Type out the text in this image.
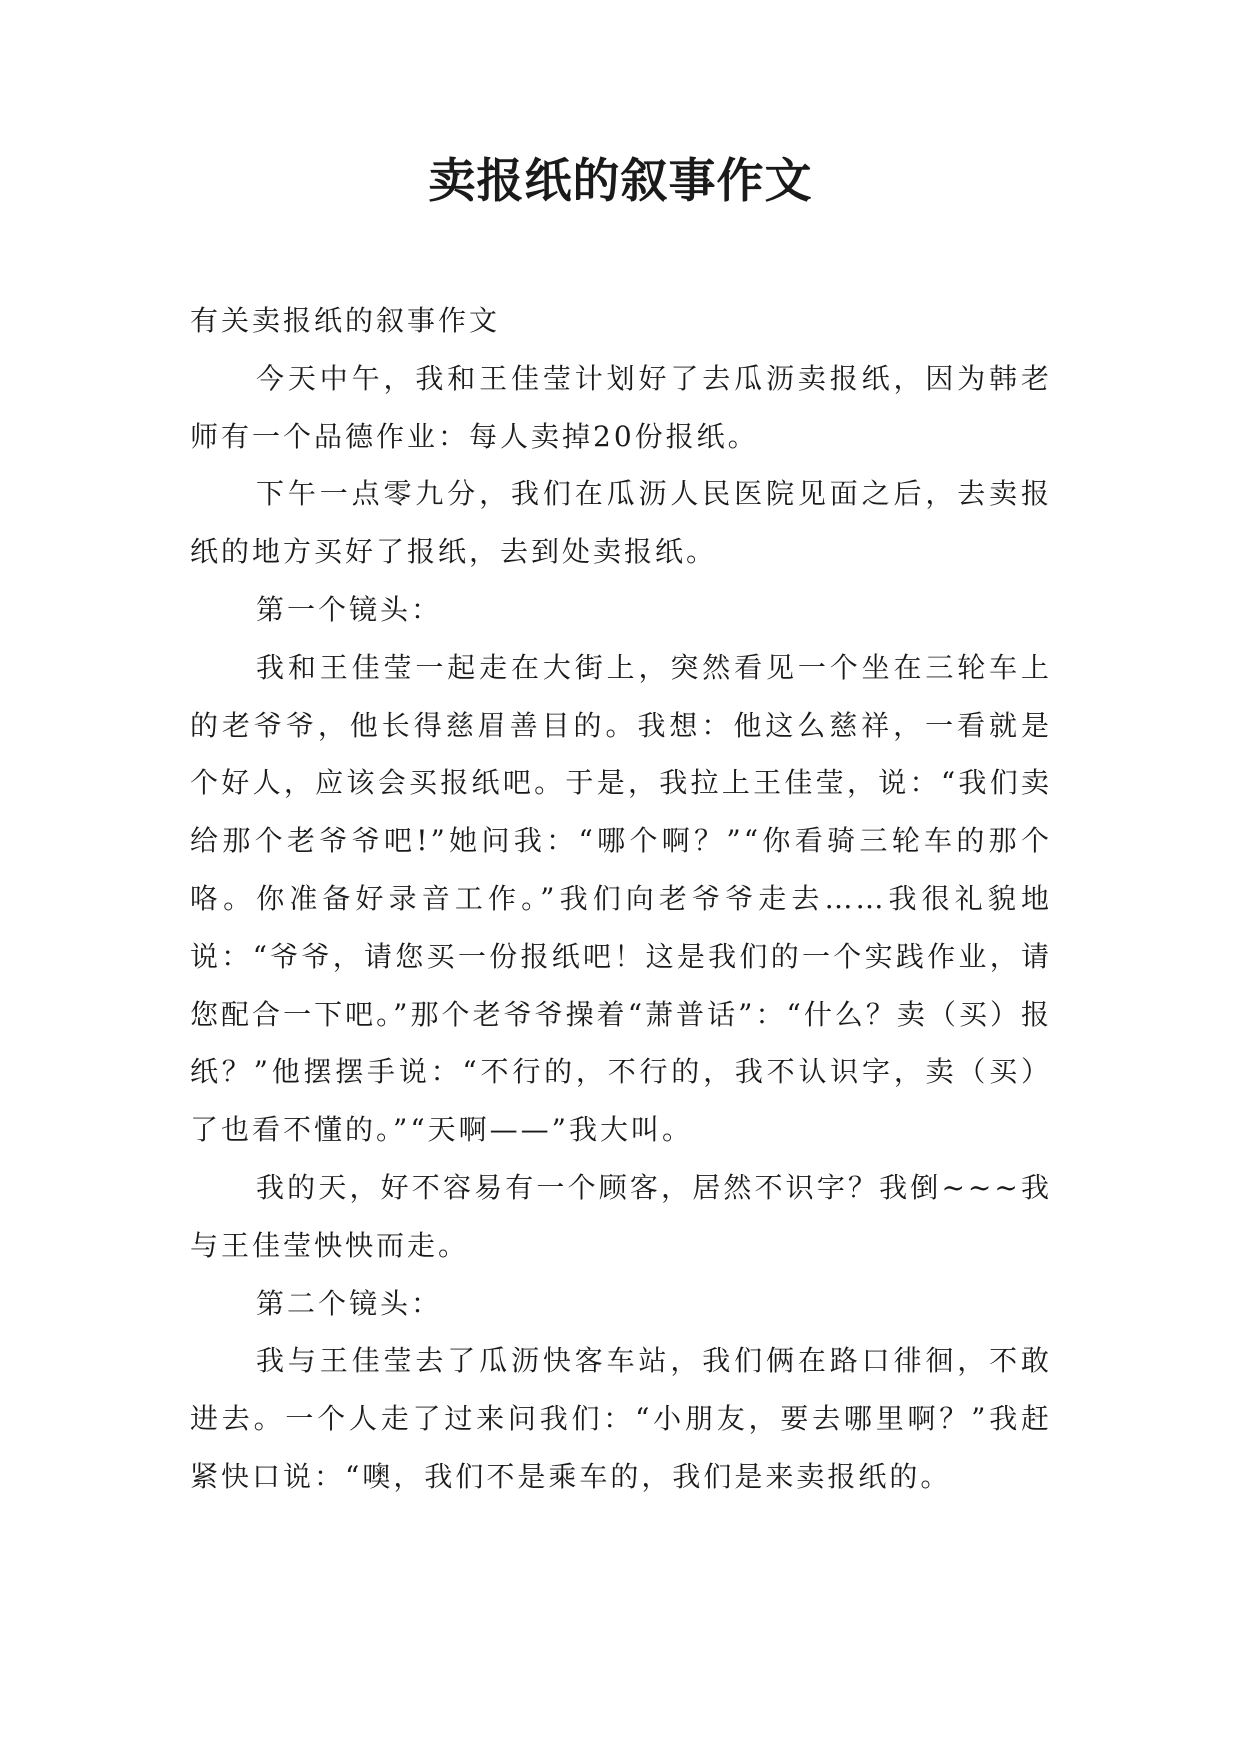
卖报纸的叙事作文

有关卖报纸的叙事作文

今天中午，我和王佳莹计划好了去瓜沥卖报纸，因为韩老师有一个品德作业：每人卖掉20份报纸。

下午一点零九分，我们在瓜沥人民医院见面之后，去卖报纸的地方买好了报纸，去到处卖报纸。

第一个镜头：

我和王佳莹一起走在大街上，突然看见一个坐在三轮车上的老爷爷，他长得慈眉善目的。我想：他这么慈祥，一看就是个好人，应该会买报纸吧。于是，我拉上王佳莹，说：“我们卖给那个老爷爷吧!”她问我：“哪个啊？”“你看骑三轮车的那个咯。你准备好录音工作。”我们向老爷爷走去……我很礼貌地说：“爷爷，请您买一份报纸吧！这是我们的一个实践作业，请您配合一下吧。”那个老爷爷操着“萧普话”：“什么？卖（买）报纸？”他摆摆手说：“不行的，不行的，我不认识字，卖（买）了也看不懂的。”“天啊——”我大叫。

我的天，好不容易有一个顾客，居然不识字？我倒~~~我与王佳莹怏怏而走。

第二个镜头：

我与王佳莹去了瓜沥快客车站，我们俩在路口徘徊，不敢进去。一个人走了过来问我们：“小朋友，要去哪里啊？”我赶紧快口说：“噢，我们不是乘车的，我们是来卖报纸的。
